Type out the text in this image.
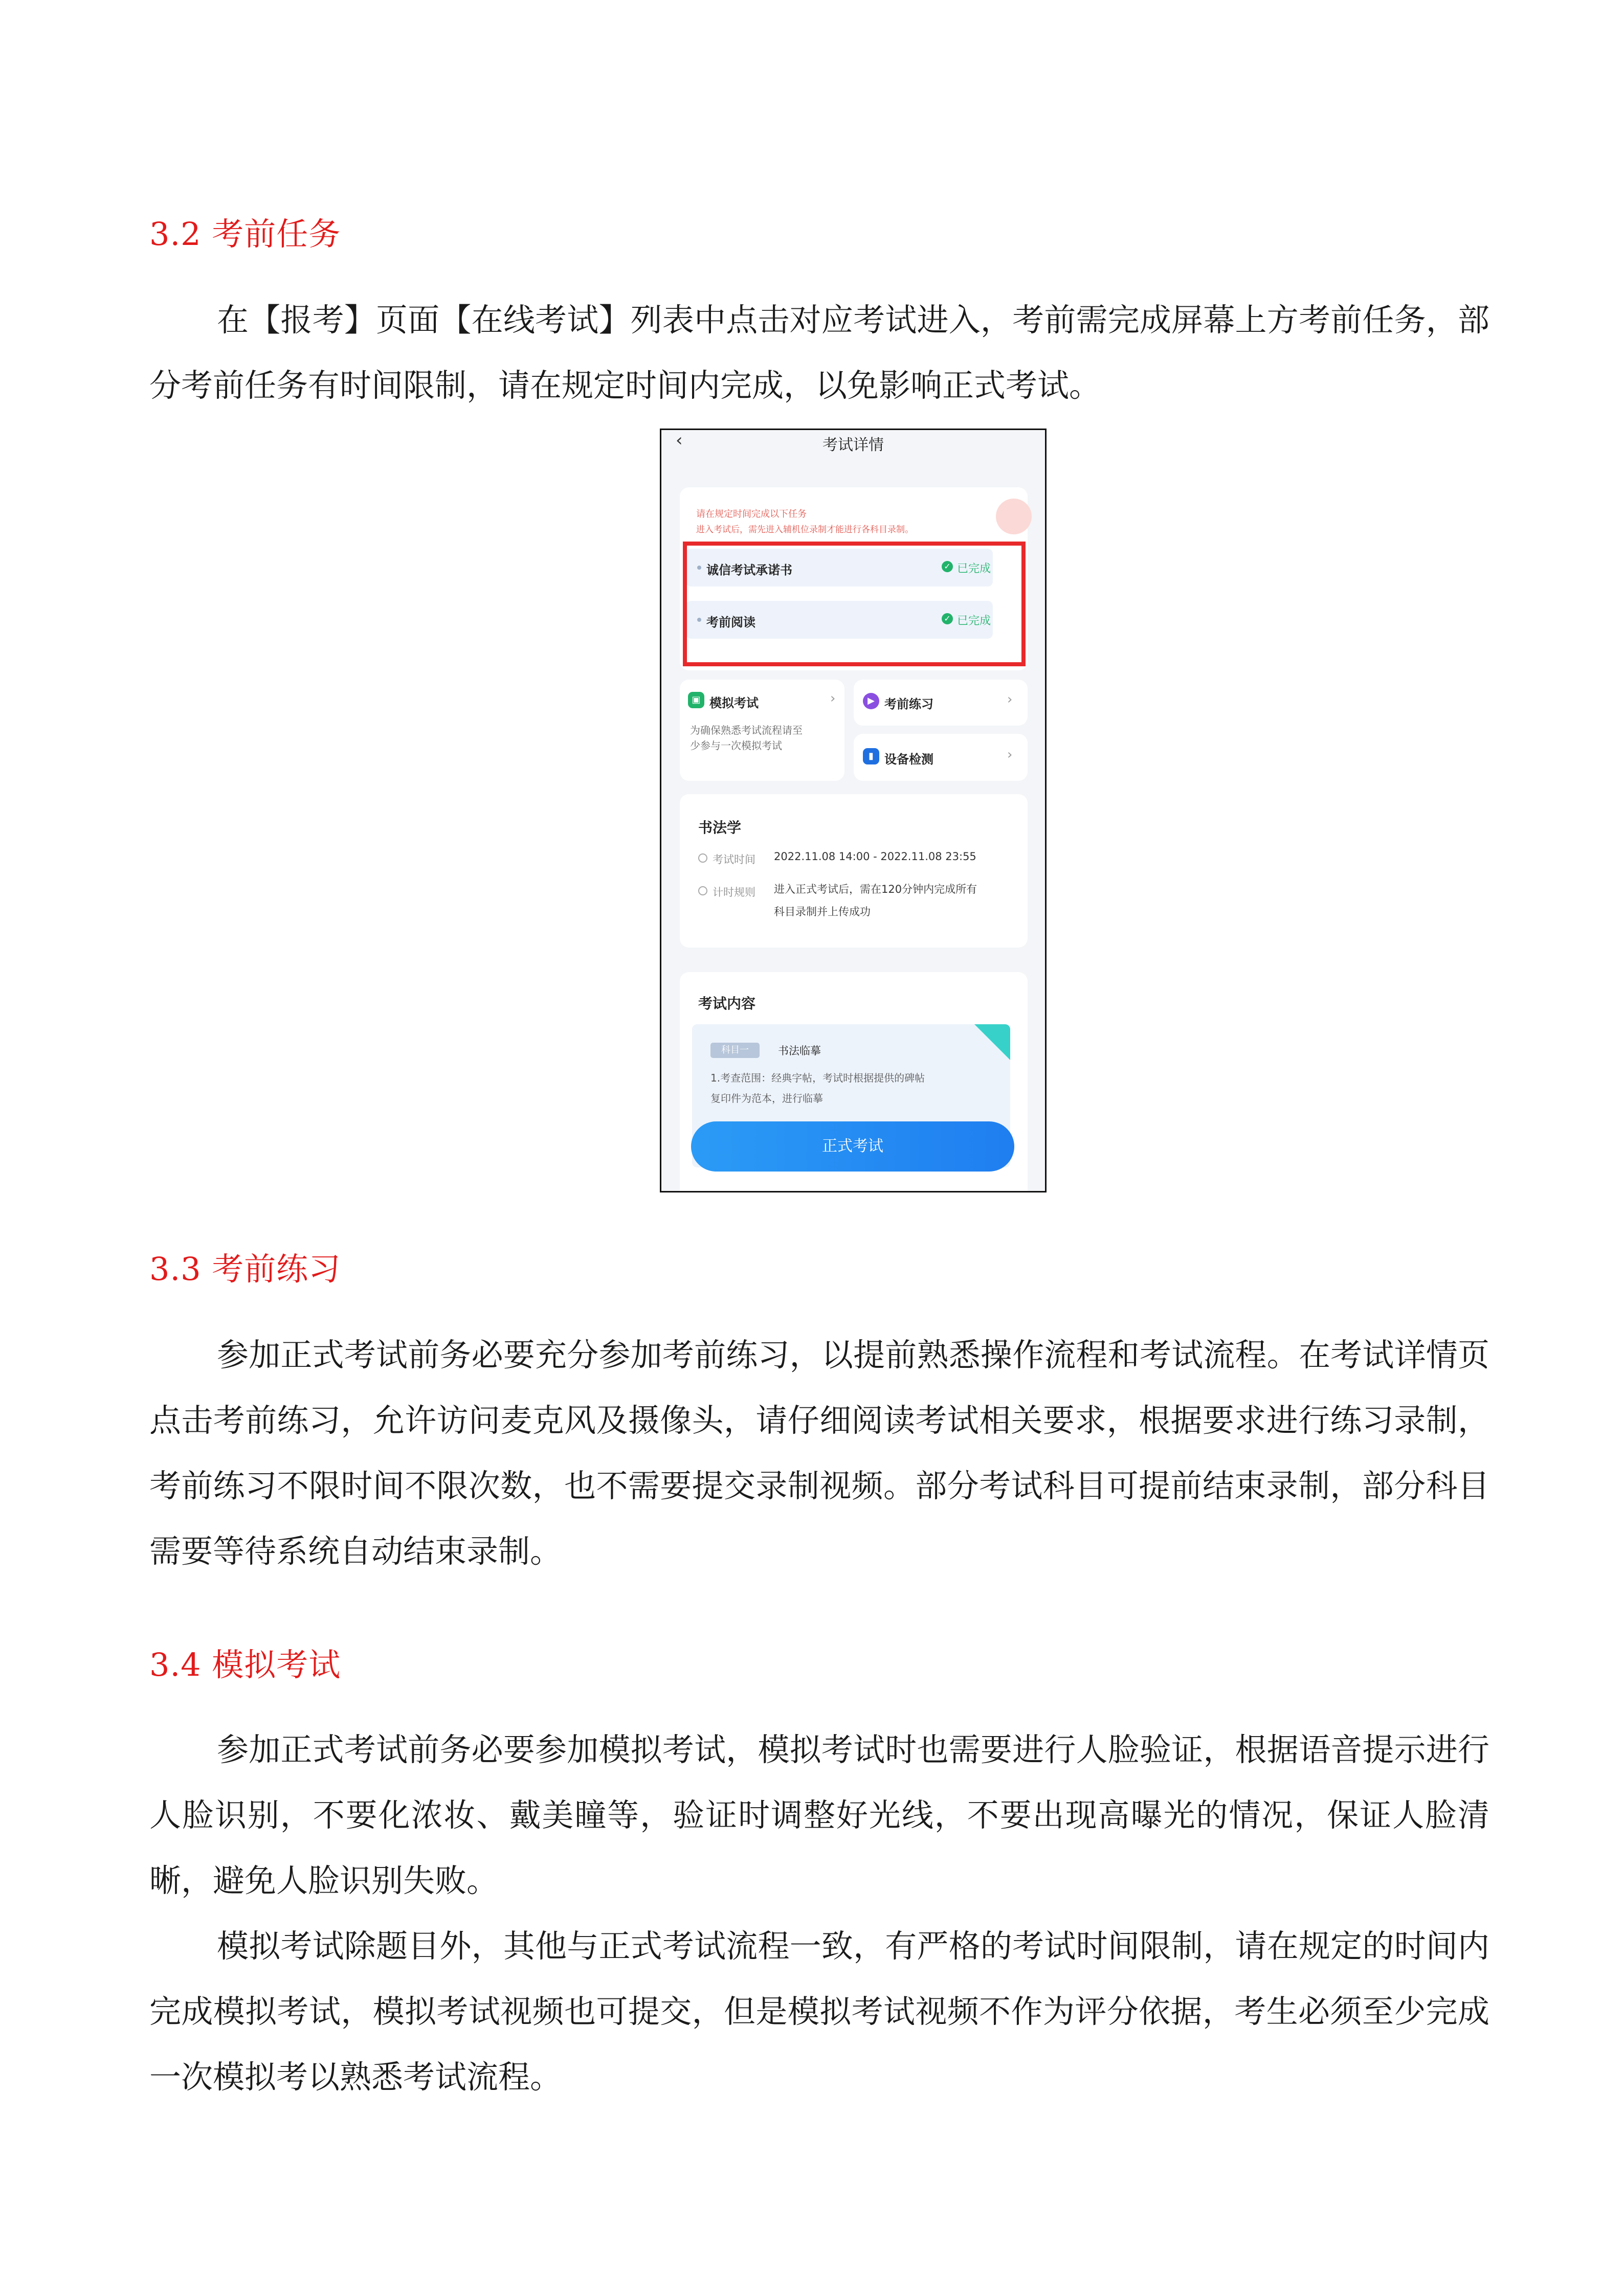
3.2 考前任务
在【报考】页面【在线考试】列表中点击对应考试进入，考前需完成屏幕上方考前任务，部分考前任务有时间限制，请在规定时间内完成，以免影响正式考试。
‹	考试详情
请在规定时间完成以下任务
进入考试后，需先进入辅机位录制才能进行各科目录制。
诚信考试承诺书	✓ 已完成
考前阅读	✓ 已完成
▣ 模拟考试	›
为确保熟悉考试流程请至
少参与一次模拟考试
▶ 考前练习	›
▮ 设备检测	›
书法学
考试时间 2022.11.08 14:00 - 2022.11.08 23:55
计时规则 进入正式考试后，需在120分钟内完成所有
科目录制并上传成功
考试内容
科目一	书法临摹
1.考查范围：经典字帖，考试时根据提供的碑帖
复印件为范本，进行临摹
正式考试
3.3 考前练习
参加正式考试前务必要充分参加考前练习，以提前熟悉操作流程和考试流程。在考试详情页点击考前练习，允许访问麦克风及摄像头，请仔细阅读考试相关要求，根据要求进行练习录制，考前练习不限时间不限次数，也不需要提交录制视频。部分考试科目可提前结束录制，部分科目需要等待系统自动结束录制。
3.4 模拟考试
参加正式考试前务必要参加模拟考试，模拟考试时也需要进行人脸验证，根据语音提示进行人脸识别，不要化浓妆、戴美瞳等，验证时调整好光线，不要出现高曝光的情况，保证人脸清晰，避免人脸识别失败。
模拟考试除题目外，其他与正式考试流程一致，有严格的考试时间限制，请在规定的时间内完成模拟考试，模拟考试视频也可提交，但是模拟考试视频不作为评分依据，考生必须至少完成一次模拟考以熟悉考试流程。
